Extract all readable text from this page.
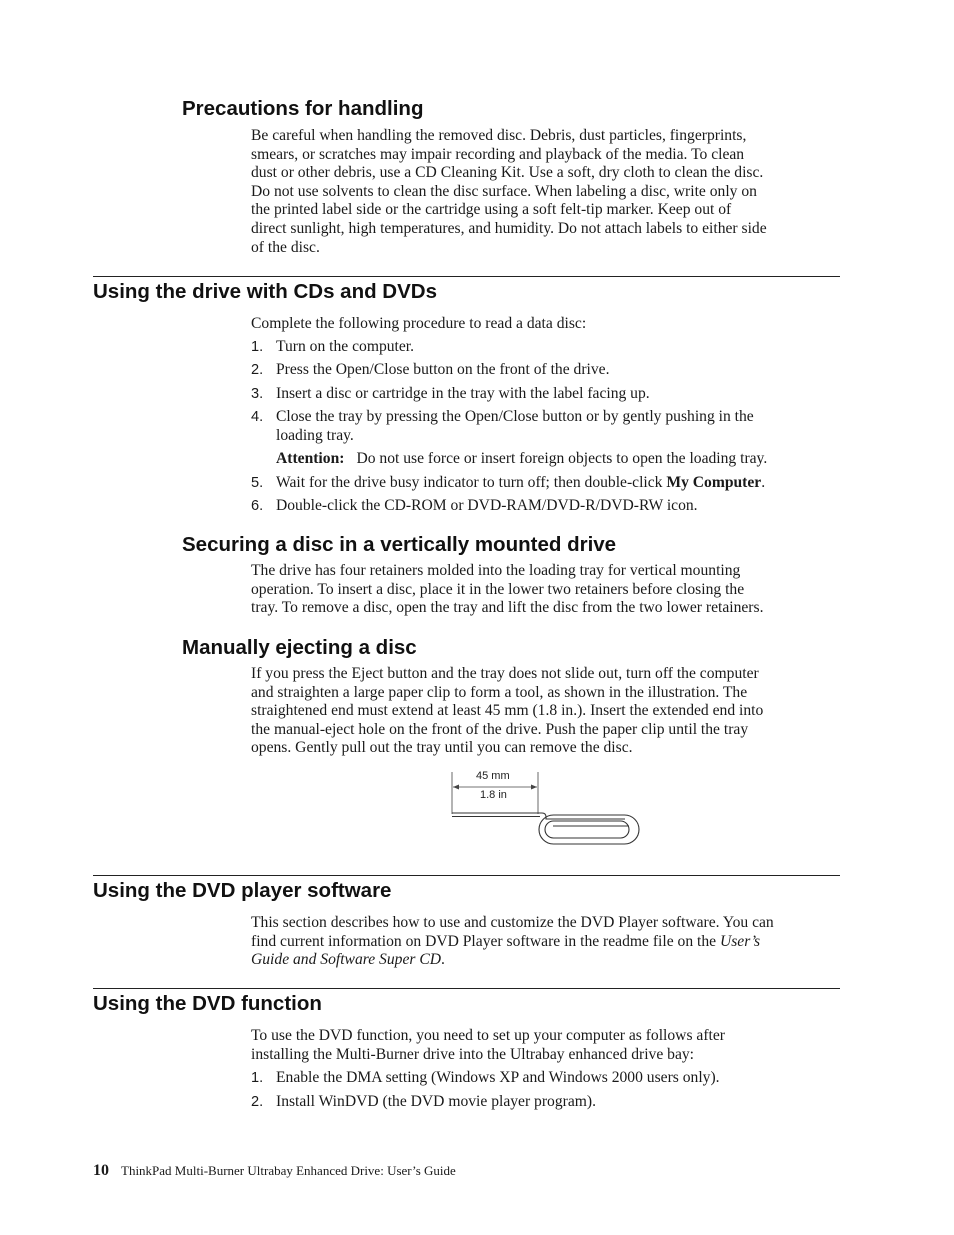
Precautions for handling
Be careful when handling the removed disc. Debris, dust particles, fingerprints,
smears, or scratches may impair recording and playback of the media. To clean
dust or other debris, use a CD Cleaning Kit. Use a soft, dry cloth to clean the disc.
Do not use solvents to clean the disc surface. When labeling a disc, write only on
the printed label side or the cartridge using a soft felt-tip marker. Keep out of
direct sunlight, high temperatures, and humidity. Do not attach labels to either side
of the disc.
Using the drive with CDs and DVDs
Complete the following procedure to read a data disc:
1. Turn on the computer.
2. Press the Open/Close button on the front of the drive.
3. Insert a disc or cartridge in the tray with the label facing up.
4. Close the tray by pressing the Open/Close button or by gently pushing in the
loading tray.
Attention: Do not use force or insert foreign objects to open the loading tray.
5. Wait for the drive busy indicator to turn off; then double-click My Computer.
6. Double-click the CD-ROM or DVD-RAM/DVD-R/DVD-RW icon.
Securing a disc in a vertically mounted drive
The drive has four retainers molded into the loading tray for vertical mounting
operation. To insert a disc, place it in the lower two retainers before closing the
tray. To remove a disc, open the tray and lift the disc from the two lower retainers.
Manually ejecting a disc
If you press the Eject button and the tray does not slide out, turn off the computer
and straighten a large paper clip to form a tool, as shown in the illustration. The
straightened end must extend at least 45 mm (1.8 in.). Insert the extended end into
the manual-eject hole on the front of the drive. Push the paper clip until the tray
opens. Gently pull out the tray until you can remove the disc.
45 mm
1.8 in
Using the DVD player software
This section describes how to use and customize the DVD Player software. You can
find current information on DVD Player software in the readme file on the User’s
Guide and Software Super CD.
Using the DVD function
To use the DVD function, you need to set up your computer as follows after
installing the Multi-Burner drive into the Ultrabay enhanced drive bay:
1. Enable the DMA setting (Windows XP and Windows 2000 users only).
2. Install WinDVD (the DVD movie player program).
10 ThinkPad Multi-Burner Ultrabay Enhanced Drive: User’s Guide
